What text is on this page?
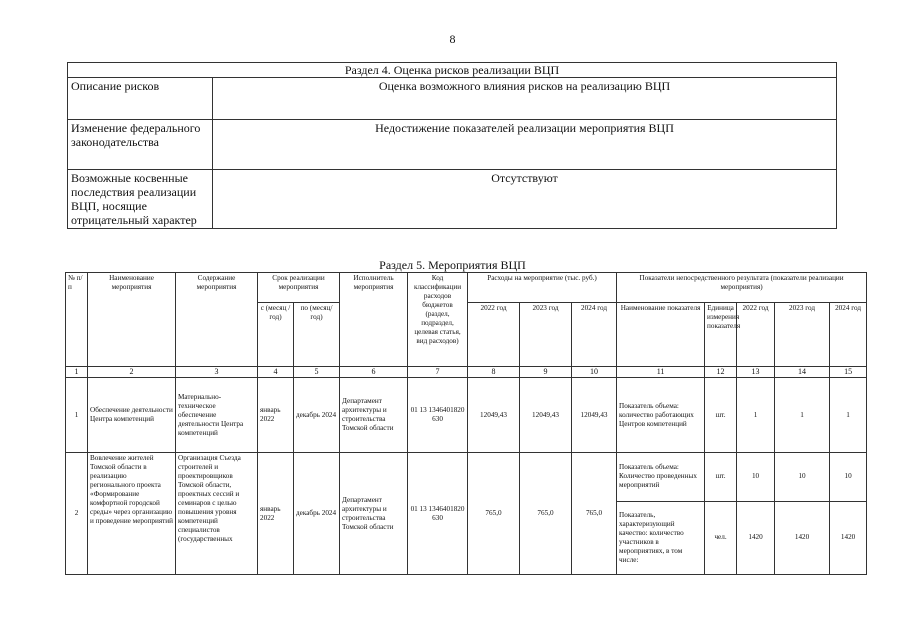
8
Раздел 4. Оценка рисков реализации ВЦП	
Описание рисков	Оценка возможного влияния рисков на реализацию ВЦП
Изменение федерального законодательства	Недостижение показателей реализации мероприятия ВЦП
Возможные косвенные последствия реализации ВЦП, носящие отрицательный характер	Отсутствуют
Раздел 5. Мероприятия ВЦП
№ п/п	Наименование мероприятия	Содержание мероприятия	Срок реализации мероприятия		Исполнитель мероприятия	Код классификации расходов бюджетов (раздел, подраздел, целевая статья, вид расходов)	Расходы на мероприятие (тыс. руб.)			Показатели непосредственного результата (показатели реализации мероприятия)				
			с (месяц /год)	по (месяц/ год)			2022 год	2023 год	2024 год	Наименование показателя	Единица измерения показателя	2022 год	2023 год	2024 год
1	2	3	4	5	6	7	8	9	10	11	12	13	14	15
1	Обеспечение деятельности Центра компетенций	Материально-техническое обеспечение деятельности Центра компетенций	январь 2022	декабрь 2024	Департамент архитектуры и строительства Томской области	01 13 1346401820 630	12049,43	12049,43	12049,43	Показатель объема: количество работающих Центров компетенций	шт.	1	1	1
2	Вовлечение жителей Томской области в реализацию регионального проекта «Формирование комфортной городской среды» через организацию и проведение мероприятий	Организация Съезда строителей и проектировщиков Томской области, проектных сессий и семинаров с целью повышения уровня компетенций специалистов (государственных	январь 2022	декабрь 2024	Департамент архитектуры и строительства Томской области	01 13 1346401820 630	765,0	765,0	765,0	Показатель объема: Количество проведенных мероприятий	шт.	10	10	10
										Показатель, характеризующий качество: количество участников в мероприятиях, в том числе:	чел.	1420	1420	1420
